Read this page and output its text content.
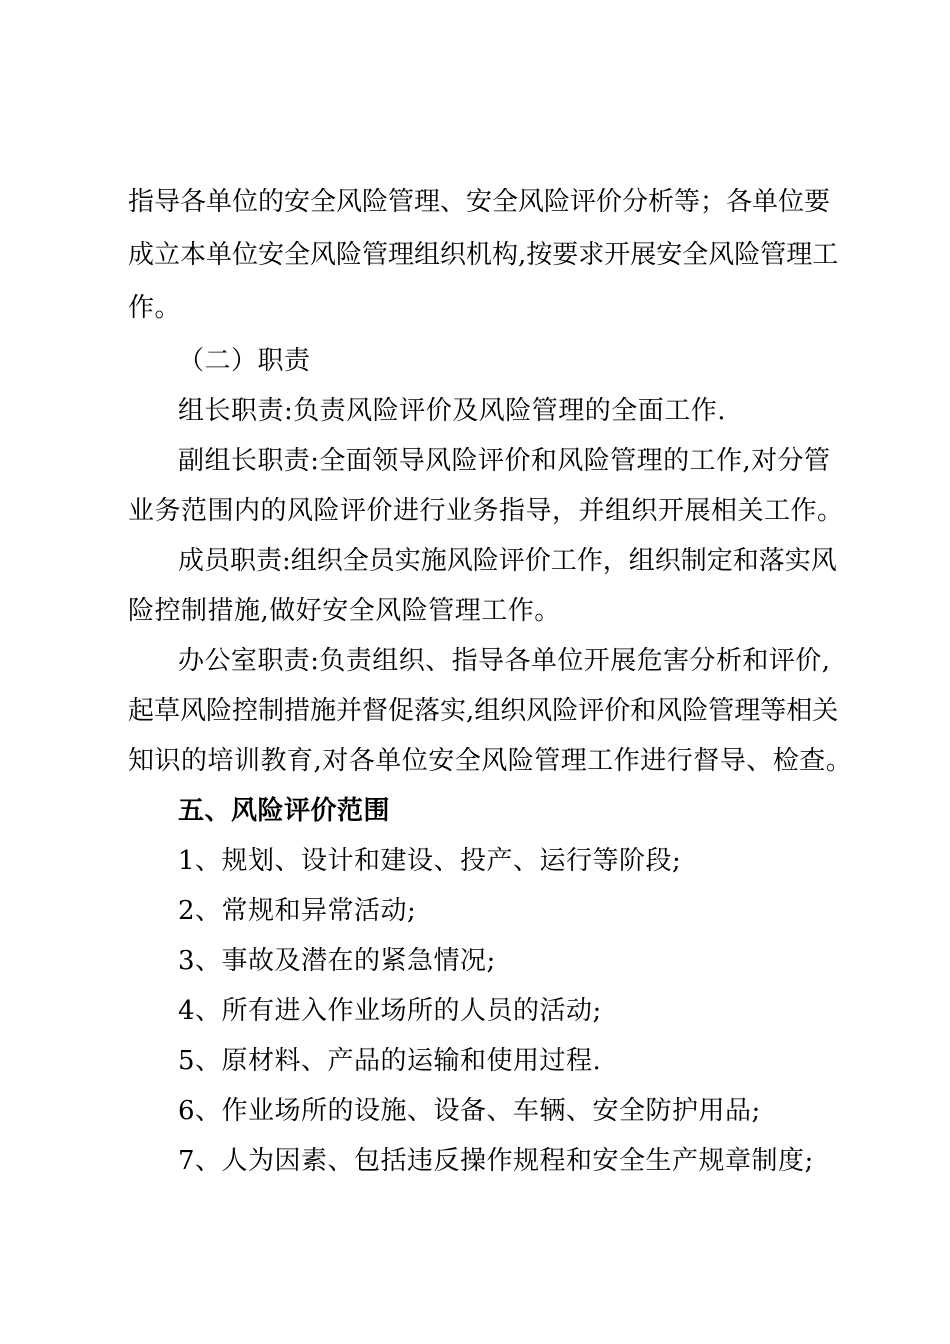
指导各单位的安全风险管理、安全风险评价分析等；各单位要
成立本单位安全风险管理组织机构,按要求开展安全风险管理工
作。
（二）职责
组长职责:负责风险评价及风险管理的全面工作.
副组长职责:全面领导风险评价和风险管理的工作,对分管
业务范围内的风险评价进行业务指导，并组织开展相关工作。
成员职责:组织全员实施风险评价工作，组织制定和落实风
险控制措施,做好安全风险管理工作。
办公室职责:负责组织、指导各单位开展危害分析和评价,
起草风险控制措施并督促落实,组织风险评价和风险管理等相关
知识的培训教育,对各单位安全风险管理工作进行督导、检查。
五、风险评价范围
1、规划、设计和建设、投产、运行等阶段;
2、常规和异常活动;
3、事故及潜在的紧急情况;
4、所有进入作业场所的人员的活动;
5、原材料、产品的运输和使用过程.
6、作业场所的设施、设备、车辆、安全防护用品;
7、人为因素、包括违反操作规程和安全生产规章制度;
